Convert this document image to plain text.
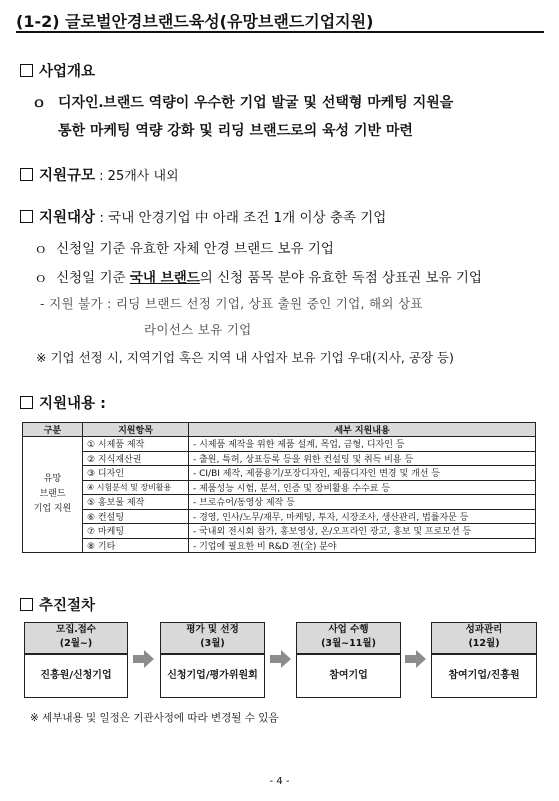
(1-2) 글로벌안경브랜드육성(유망브랜드기업지원)
사업개요
ｏ 디자인․브랜드 역량이 우수한 기업 발굴 및 선택형 마케팅 지원을
통한 마케팅 역량 강화 및 리딩 브랜드로의 육성 기반 마련
지원규모 : 25개사 내외
지원대상 : 국내 안경기업 中 아래 조건 1개 이상 충족 기업
ｏ 신청일 기준 유효한 자체 안경 브랜드 보유 기업
ｏ 신청일 기준 국내 브랜드의 신청 품목 분야 유효한 독점 상표권 보유 기업
- 지원 불가 : 리딩 브랜드 선정 기업, 상표 출원 중인 기업, 해외 상표
라이선스 보유 기업
※ 기업 선정 시, 지역기업 혹은 지역 내 사업자 보유 기업 우대(지사, 공장 등)
지원내용 :
구분	지원항목	세부 지원내용

유망
브랜드
기업 지원	① 시제품 제작	- 시제품 제작을 위한 제품 설계, 목업, 금형, 디자인 등
	② 지식재산권	- 출원, 특허, 상표등록 등을 위한 컨설팅 및 취득 비용 등
	③ 디자인	- CI/BI 제작, 제품용기/포장디자인, 제품디자인 변경 및 개선 등
	④ 시험분석 및 장비활용	- 제품성능 시험, 분석, 인증 및 장비활용 수수료 등
	⑤ 홍보물 제작	- 브로슈어/동영상 제작 등
	⑥ 컨설팅	- 경영, 인사/노무/재무, 마케팅, 투자, 시장조사, 생산관리, 법률자문 등
	⑦ 마케팅	- 국내외 전시회 참가, 홍보영상, 온/오프라인 광고, 홍보 및 프로모션 등
	⑧ 기타	- 기업에 필요한 비 R&D 전(全) 분야
추진절차
모집․접수
(2월~)
진흥원/신청기업
평가 및 선정
(3월)
신청기업/평가위원회
사업 수행
(3월~11월)
참여기업
성과관리
(12월)
참여기업/진흥원
※ 세부내용 및 일정은 기관사정에 따라 변경될 수 있음
- 4 -
